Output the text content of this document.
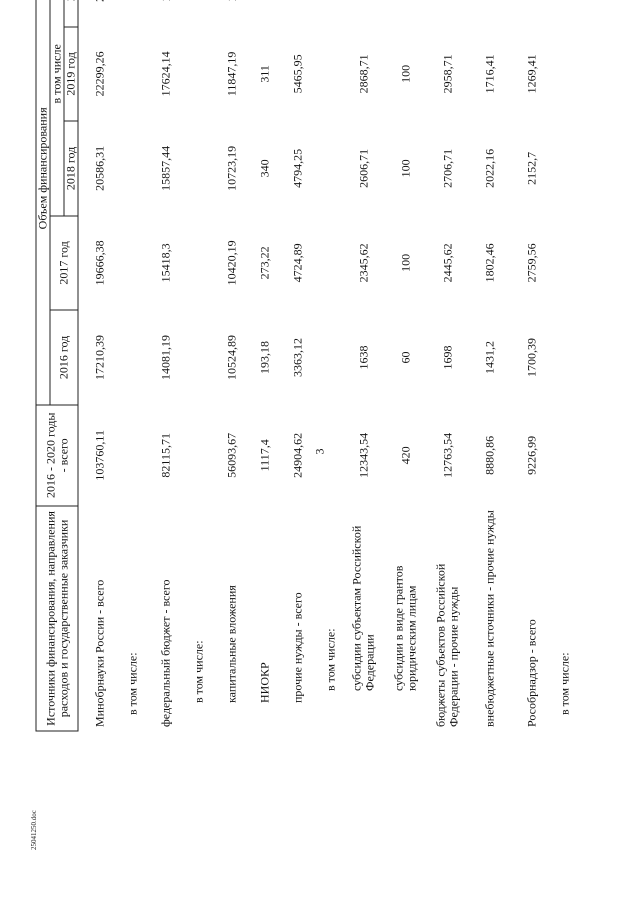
3
Источники финансирования, направления расходов и государственные заказчики	2016 - 2020 годы - всего	Объем финансирования				
		2016 год	2017 год	в том числе		
				2018 год	2019 год	
Минобрнауки России - всего	103760,11	17210,39	19666,38	20586,31	22299,26	
в том числе:						
федеральный бюджет - всего	82115,71	14081,19	15418,3	15857,44	17624,14	
в том числе:						
капитальные вложения	56093,67	10524,89	10420,19	10723,19	11847,19	
НИОКР	1117,4	193,18	273,22	340	311	
прочие нужды - всего	24904,62	3363,12	4724,89	4794,25	5465,95	
в том числе:						
субсидии субъектам Российской Федерации	12343,54	1638	2345,62	2606,71	2868,71	
субсидии в виде грантов юридическим лицам	420	60	100	100	100	
бюджеты субъектов Российской Федерации - прочие нужды	12763,54	1698	2445,62	2706,71	2958,71	
внебюджетные источники - прочие нужды	8880,86	1431,2	1802,46	2022,16	1716,41	
Рособрнадзор - всего	9226,99	1700,39	2759,56	2152,7	1269,41	
в том числе:						
25041250.doc
